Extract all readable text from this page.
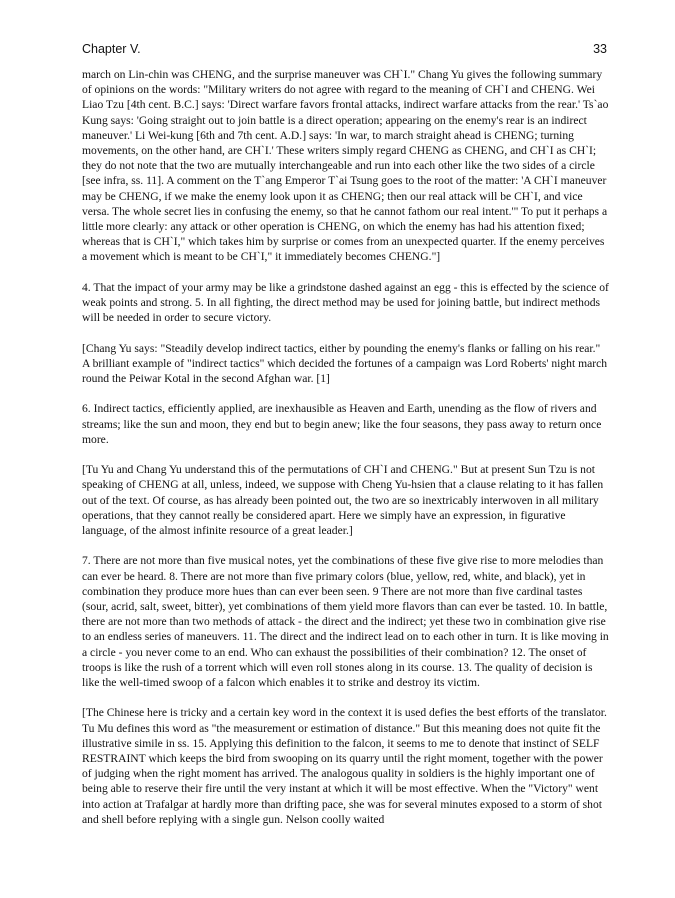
Chapter V.	33

march on Lin-chin was CHENG, and the surprise maneuver was CH`I." Chang Yu gives the following summary of opinions on the words: "Military writers do not agree with regard to the meaning of CH`I and CHENG. Wei Liao Tzu [4th cent. B.C.] says: 'Direct warfare favors frontal attacks, indirect warfare attacks from the rear.' Ts`ao Kung says: 'Going straight out to join battle is a direct operation; appearing on the enemy's rear is an indirect maneuver.' Li Wei-kung [6th and 7th cent. A.D.] says: 'In war, to march straight ahead is CHENG; turning movements, on the other hand, are CH`I.' These writers simply regard CHENG as CHENG, and CH`I as CH`I; they do not note that the two are mutually interchangeable and run into each other like the two sides of a circle [see infra, ss. 11]. A comment on the T`ang Emperor T`ai Tsung goes to the root of the matter: 'A CH`I maneuver may be CHENG, if we make the enemy look upon it as CHENG; then our real attack will be CH`I, and vice versa. The whole secret lies in confusing the enemy, so that he cannot fathom our real intent.'" To put it perhaps a little more clearly: any attack or other operation is CHENG, on which the enemy has had his attention fixed; whereas that is CH`I," which takes him by surprise or comes from an unexpected quarter. If the enemy perceives a movement which is meant to be CH`I," it immediately becomes CHENG."]

4. That the impact of your army may be like a grindstone dashed against an egg - this is effected by the science of weak points and strong. 5. In all fighting, the direct method may be used for joining battle, but indirect methods will be needed in order to secure victory.

[Chang Yu says: "Steadily develop indirect tactics, either by pounding the enemy's flanks or falling on his rear." A brilliant example of "indirect tactics" which decided the fortunes of a campaign was Lord Roberts' night march round the Peiwar Kotal in the second Afghan war. [1]

6. Indirect tactics, efficiently applied, are inexhausible as Heaven and Earth, unending as the flow of rivers and streams; like the sun and moon, they end but to begin anew; like the four seasons, they pass away to return once more.

[Tu Yu and Chang Yu understand this of the permutations of CH`I and CHENG." But at present Sun Tzu is not speaking of CHENG at all, unless, indeed, we suppose with Cheng Yu-hsien that a clause relating to it has fallen out of the text. Of course, as has already been pointed out, the two are so inextricably interwoven in all military operations, that they cannot really be considered apart. Here we simply have an expression, in figurative language, of the almost infinite resource of a great leader.]

7. There are not more than five musical notes, yet the combinations of these five give rise to more melodies than can ever be heard. 8. There are not more than five primary colors (blue, yellow, red, white, and black), yet in combination they produce more hues than can ever been seen. 9 There are not more than five cardinal tastes (sour, acrid, salt, sweet, bitter), yet combinations of them yield more flavors than can ever be tasted. 10. In battle, there are not more than two methods of attack - the direct and the indirect; yet these two in combination give rise to an endless series of maneuvers. 11. The direct and the indirect lead on to each other in turn. It is like moving in a circle - you never come to an end. Who can exhaust the possibilities of their combination? 12. The onset of troops is like the rush of a torrent which will even roll stones along in its course. 13. The quality of decision is like the well-timed swoop of a falcon which enables it to strike and destroy its victim.

[The Chinese here is tricky and a certain key word in the context it is used defies the best efforts of the translator. Tu Mu defines this word as "the measurement or estimation of distance." But this meaning does not quite fit the illustrative simile in ss. 15. Applying this definition to the falcon, it seems to me to denote that instinct of SELF RESTRAINT which keeps the bird from swooping on its quarry until the right moment, together with the power of judging when the right moment has arrived. The analogous quality in soldiers is the highly important one of being able to reserve their fire until the very instant at which it will be most effective. When the "Victory" went into action at Trafalgar at hardly more than drifting pace, she was for several minutes exposed to a storm of shot and shell before replying with a single gun. Nelson coolly waited
